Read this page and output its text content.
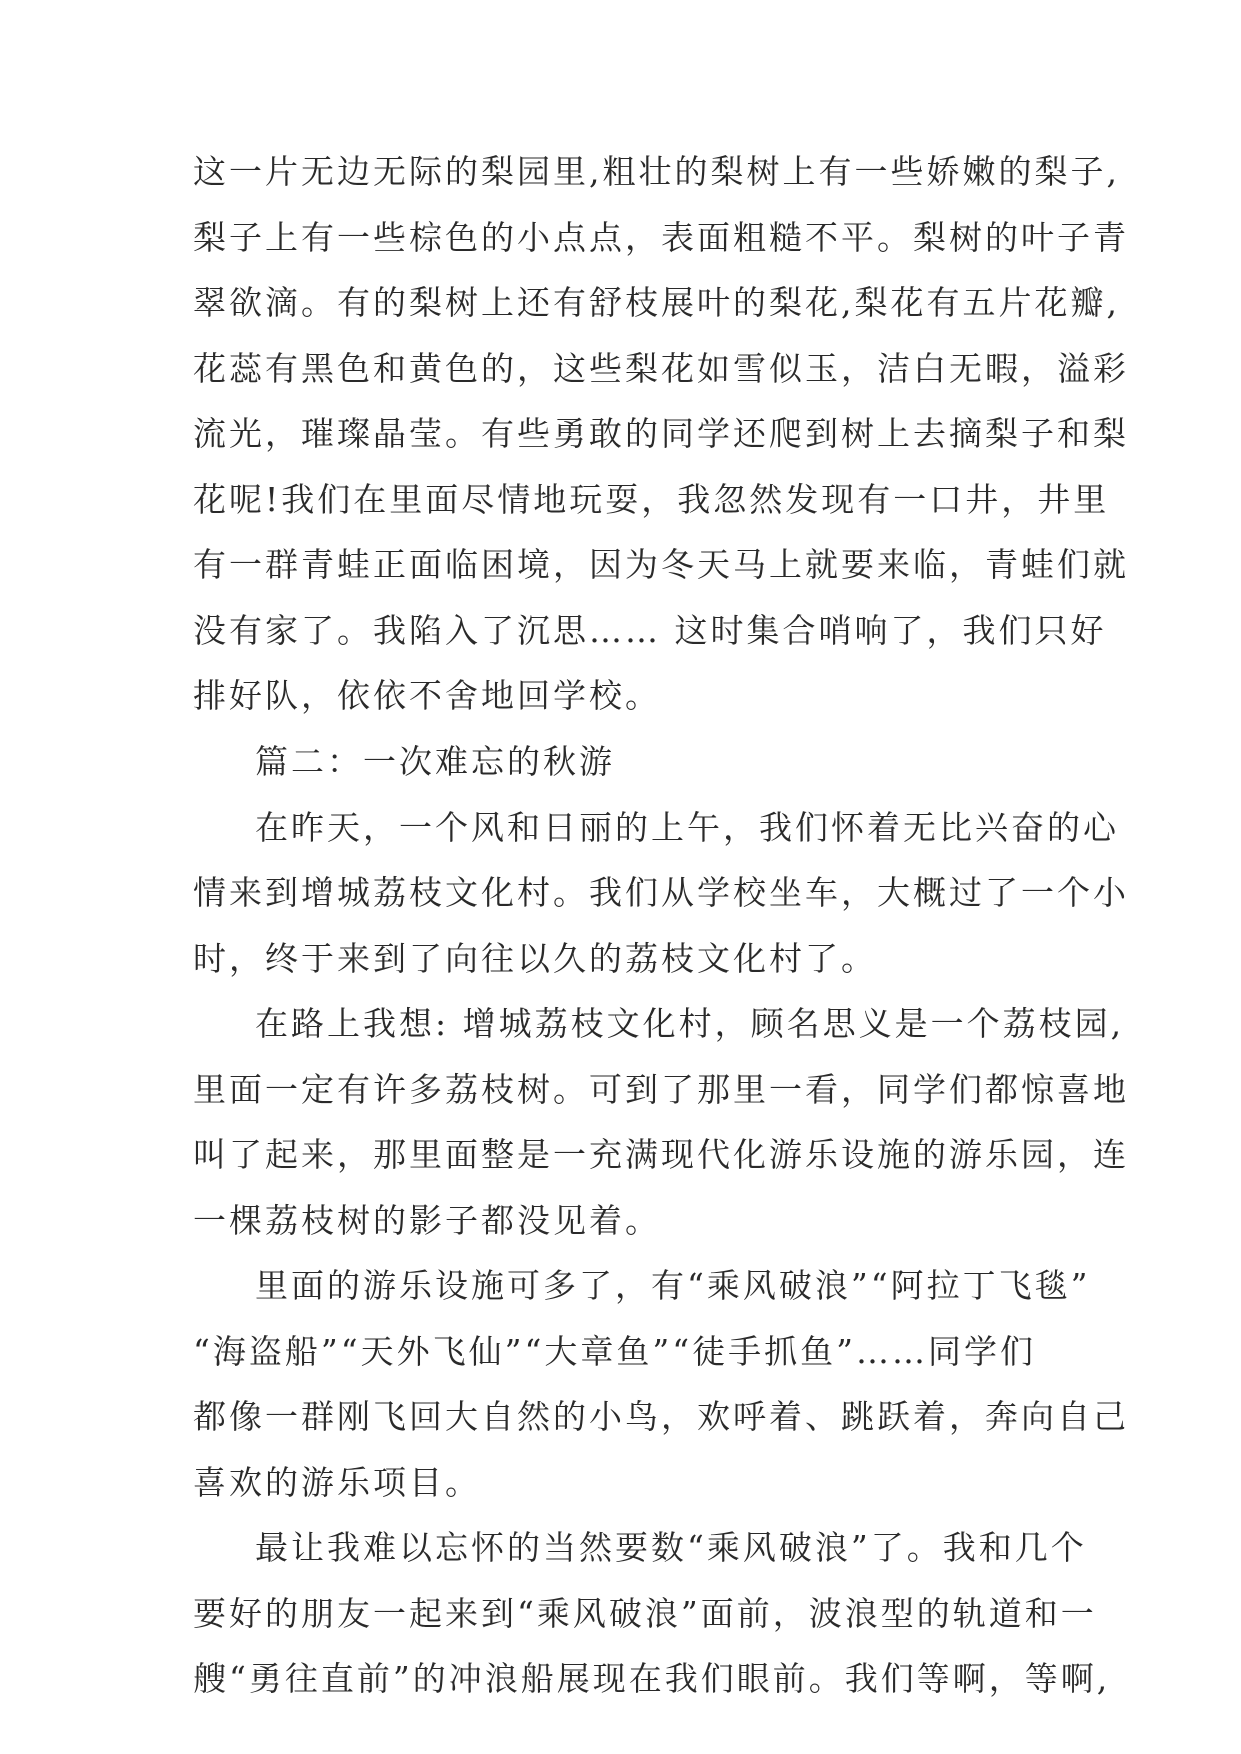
这一片无边无际的梨园里,粗壮的梨树上有一些娇嫩的梨子,
梨子上有一些棕色的小点点，表面粗糙不平。梨树的叶子青
翠欲滴。有的梨树上还有舒枝展叶的梨花,梨花有五片花瓣,
花蕊有黑色和黄色的，这些梨花如雪似玉，洁白无暇，溢彩
流光，璀璨晶莹。有些勇敢的同学还爬到树上去摘梨子和梨
花呢!我们在里面尽情地玩耍，我忽然发现有一口井，井里
有一群青蛙正面临困境，因为冬天马上就要来临，青蛙们就
没有家了。我陷入了沉思…… 这时集合哨响了，我们只好
排好队，依依不舍地回学校。
篇二：一次难忘的秋游
在昨天，一个风和日丽的上午，我们怀着无比兴奋的心
情来到增城荔枝文化村。我们从学校坐车，大概过了一个小
时，终于来到了向往以久的荔枝文化村了。
在路上我想: 增城荔枝文化村，顾名思义是一个荔枝园,
里面一定有许多荔枝树。可到了那里一看，同学们都惊喜地
叫了起来，那里面整是一充满现代化游乐设施的游乐园，连
一棵荔枝树的影子都没见着。
里面的游乐设施可多了，有“乘风破浪”“阿拉丁飞毯”
“海盗船”“天外飞仙”“大章鱼”“徒手抓鱼”……同学们
都像一群刚飞回大自然的小鸟，欢呼着、跳跃着，奔向自己
喜欢的游乐项目。
最让我难以忘怀的当然要数“乘风破浪”了。我和几个
要好的朋友一起来到“乘风破浪”面前，波浪型的轨道和一
艘“勇往直前”的冲浪船展现在我们眼前。我们等啊，等啊,
